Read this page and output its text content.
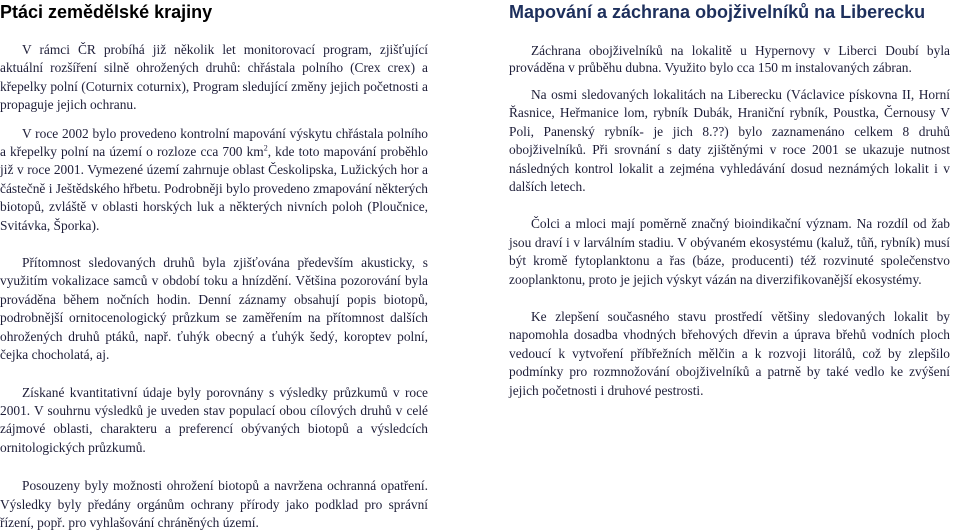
Ptáci zemědělské krajiny

V rámci ČR probíhá již několik let monitorovací program, zjišťující aktuální rozšíření silně ohrožených druhů: chřástala polního (Crex crex) a křepelky polní (Coturnix coturnix), Program sledující změny jejich početnosti a propaguje jejich ochranu.

V roce 2002 bylo provedeno kontrolní mapování výskytu chřástala polního a křepelky polní na území o rozloze cca 700 $km^2$, kde toto mapování proběhlo již v roce 2001. Vymezené území zahrnuje oblast Českolipska, Lužických hor a částečně i Ještědského hřbetu. Podrobněji bylo provedeno zmapování některých biotopů, zvláště v oblasti horských luk a některých nivních poloh (Ploučnice, Svitávka, Šporka).

Přítomnost sledovaných druhů byla zjišťována především akusticky, s využitím vokalizace samců v období toku a hnízdění. Většina pozorování byla prováděna během nočních hodin. Denní záznamy obsahují popis biotopů, podrobnější ornitocenologický průzkum se zaměřením na přítomnost dalších ohrožených druhů ptáků, např. ťuhýk obecný a ťuhýk šedý, koroptev polní, čejka chocholatá, aj.

Získané kvantitativní údaje byly porovnány s výsledky průzkumů v roce 2001. V souhrnu výsledků je uveden stav populací obou cílových druhů v celé zájmové oblasti, charakteru a preferencí obývaných biotopů a výsledcích ornitologických průzkumů.

Posouzeny byly možnosti ohrožení biotopů a navržena ochranná opatření. Výsledky byly předány orgánům ochrany přírody jako podklad pro správní řízení, popř. pro vyhlašování chráněných území.

Mapování a záchrana obojživelníků na Liberecku

Záchrana obojživelníků na lokalitě u Hypernovy v Liberci Doubí byla prováděna v průběhu dubna. Využito bylo cca 150 m instalovaných zábran.

Na osmi sledovaných lokalitách na Liberecku (Václavice pískovna II, Horní Řasnice, Heřmanice lom, rybník Dubák, Hraniční rybník, Poustka, Černousy V Poli, Panenský rybník- je jich 8.??) bylo zaznamenáno celkem 8 druhů obojživelníků. Při srovnání s daty zjištěnými v roce 2001 se ukazuje nutnost následných kontrol lokalit a zejména vyhledávání dosud neznámých lokalit i v dalších letech.

Čolci a mloci mají poměrně značný bioindikační význam. Na rozdíl od žab jsou draví i v larválním stadiu. V obývaném ekosystému (kaluž, tůň, rybník) musí být kromě fytoplanktonu a řas (báze, producenti) též rozvinuté společenstvo zooplanktonu, proto je jejich výskyt vázán na diverzifikovanější ekosystémy.

Ke zlepšení současného stavu prostředí většiny sledovaných lokalit by napomohla dosadba vhodných břehových dřevin a úprava břehů vodních ploch vedoucí k vytvoření příbřežních mělčin a k rozvoji litorálů, což by zlepšilo podmínky pro rozmnožování obojživelníků a patrně by také vedlo ke zvýšení jejich početnosti i druhové pestrosti.
